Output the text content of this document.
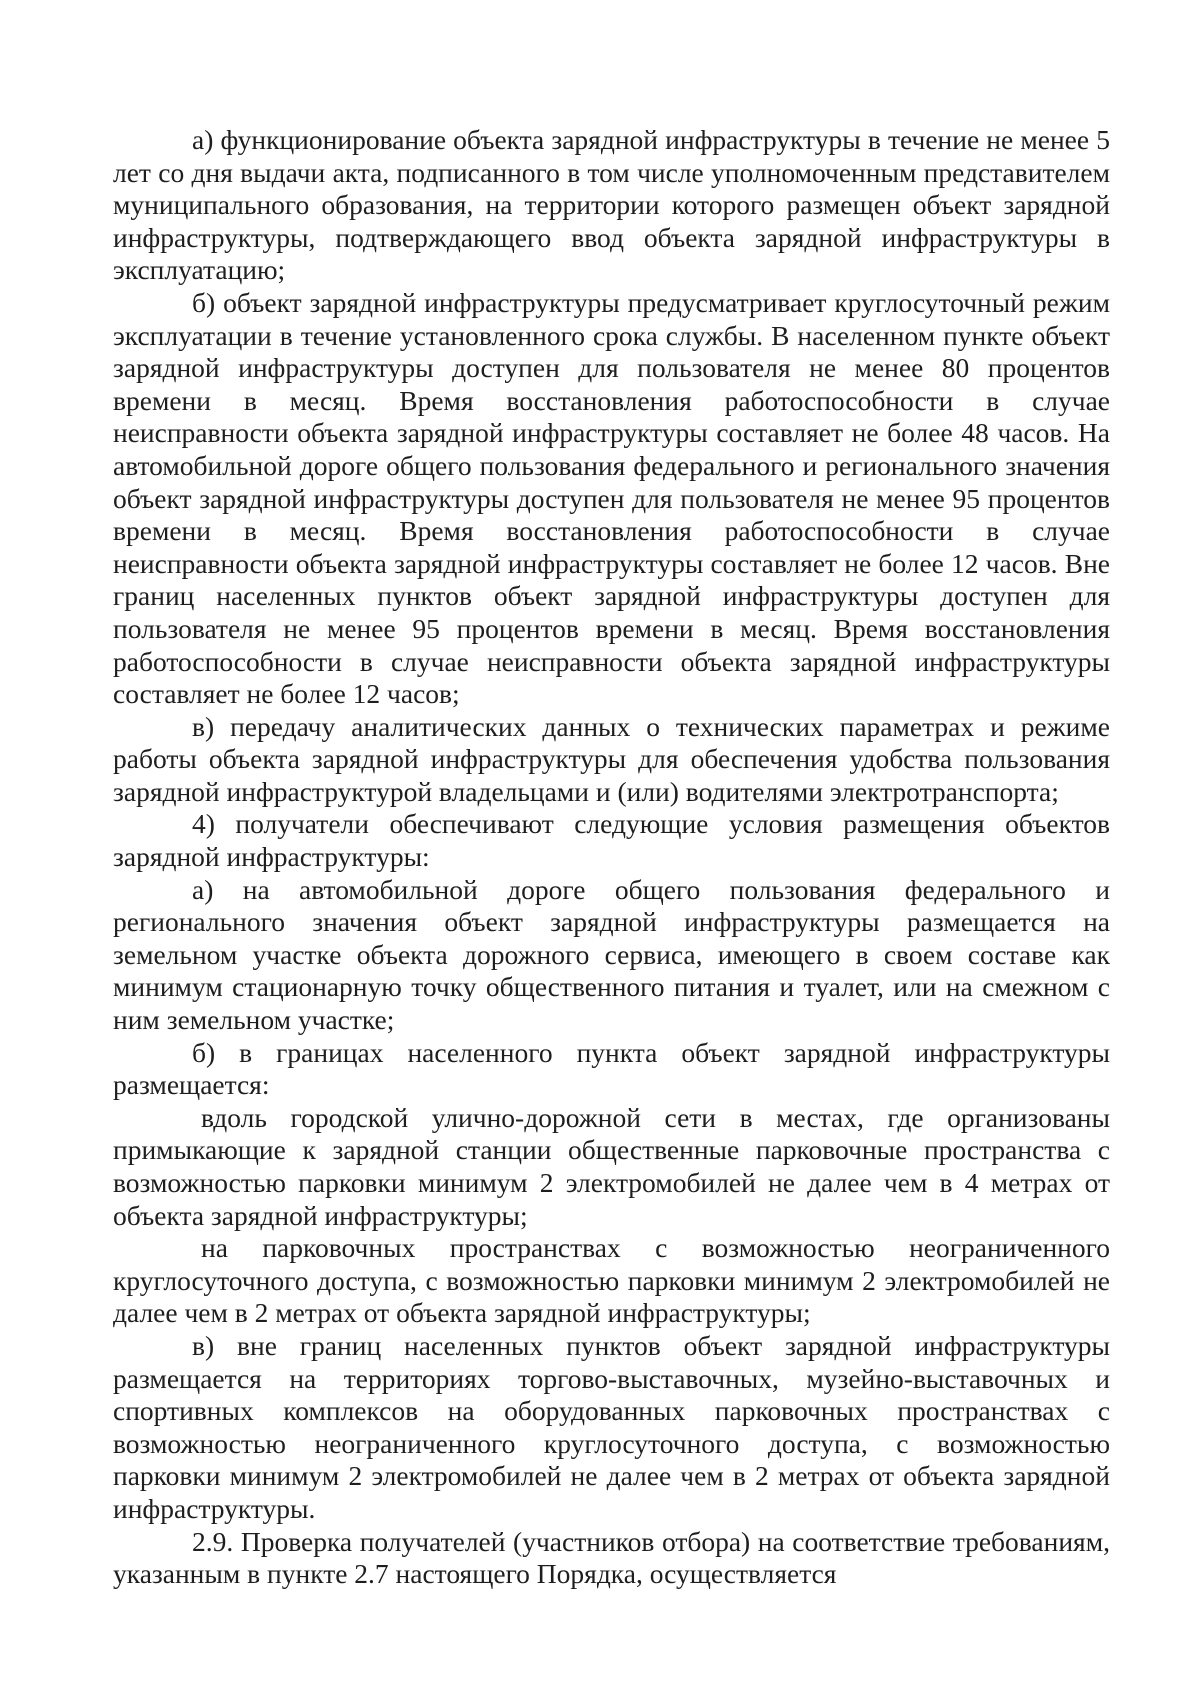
а) функционирование объекта зарядной инфраструктуры в течение не менее 5 лет со дня выдачи акта, подписанного в том числе уполномоченным представителем муниципального образования, на территории которого размещен объект зарядной инфраструктуры, подтверждающего ввод объекта зарядной инфраструктуры в эксплуатацию;

б) объект зарядной инфраструктуры предусматривает круглосуточный режим эксплуатации в течение установленного срока службы. В населенном пункте объект зарядной инфраструктуры доступен для пользователя не менее 80 процентов времени в месяц. Время восстановления работоспособности в случае неисправности объекта зарядной инфраструктуры составляет не более 48 часов. На автомобильной дороге общего пользования федерального и регионального значения объект зарядной инфраструктуры доступен для пользователя не менее 95 процентов времени в месяц. Время восстановления работоспособности в случае неисправности объекта зарядной инфраструктуры составляет не более 12 часов. Вне границ населенных пунктов объект зарядной инфраструктуры доступен для пользователя не менее 95 процентов времени в месяц. Время восстановления работоспособности в случае неисправности объекта зарядной инфраструктуры составляет не более 12 часов;

в) передачу аналитических данных о технических параметрах и режиме работы объекта зарядной инфраструктуры для обеспечения удобства пользования зарядной инфраструктурой владельцами и (или) водителями электротранспорта;

4) получатели обеспечивают следующие условия размещения объектов зарядной инфраструктуры:

а) на автомобильной дороге общего пользования федерального и регионального значения объект зарядной инфраструктуры размещается на земельном участке объекта дорожного сервиса, имеющего в своем составе как минимум стационарную точку общественного питания и туалет, или на смежном с ним земельном участке;

б) в границах населенного пункта объект зарядной инфраструктуры размещается:

вдоль городской улично-дорожной сети в местах, где организованы примыкающие к зарядной станции общественные парковочные пространства с возможностью парковки минимум 2 электромобилей не далее чем в 4 метрах от объекта зарядной инфраструктуры;

на парковочных пространствах с возможностью неограниченного круглосуточного доступа, с возможностью парковки минимум 2 электромобилей не далее чем в 2 метрах от объекта зарядной инфраструктуры;

в) вне границ населенных пунктов объект зарядной инфраструктуры размещается на территориях торгово-выставочных, музейно-выставочных и спортивных комплексов на оборудованных парковочных пространствах с возможностью неограниченного круглосуточного доступа, с возможностью парковки минимум 2 электромобилей не далее чем в 2 метрах от объекта зарядной инфраструктуры.

2.9. Проверка получателей (участников отбора) на соответствие требованиям, указанным в пункте 2.7 настоящего Порядка, осуществляется
